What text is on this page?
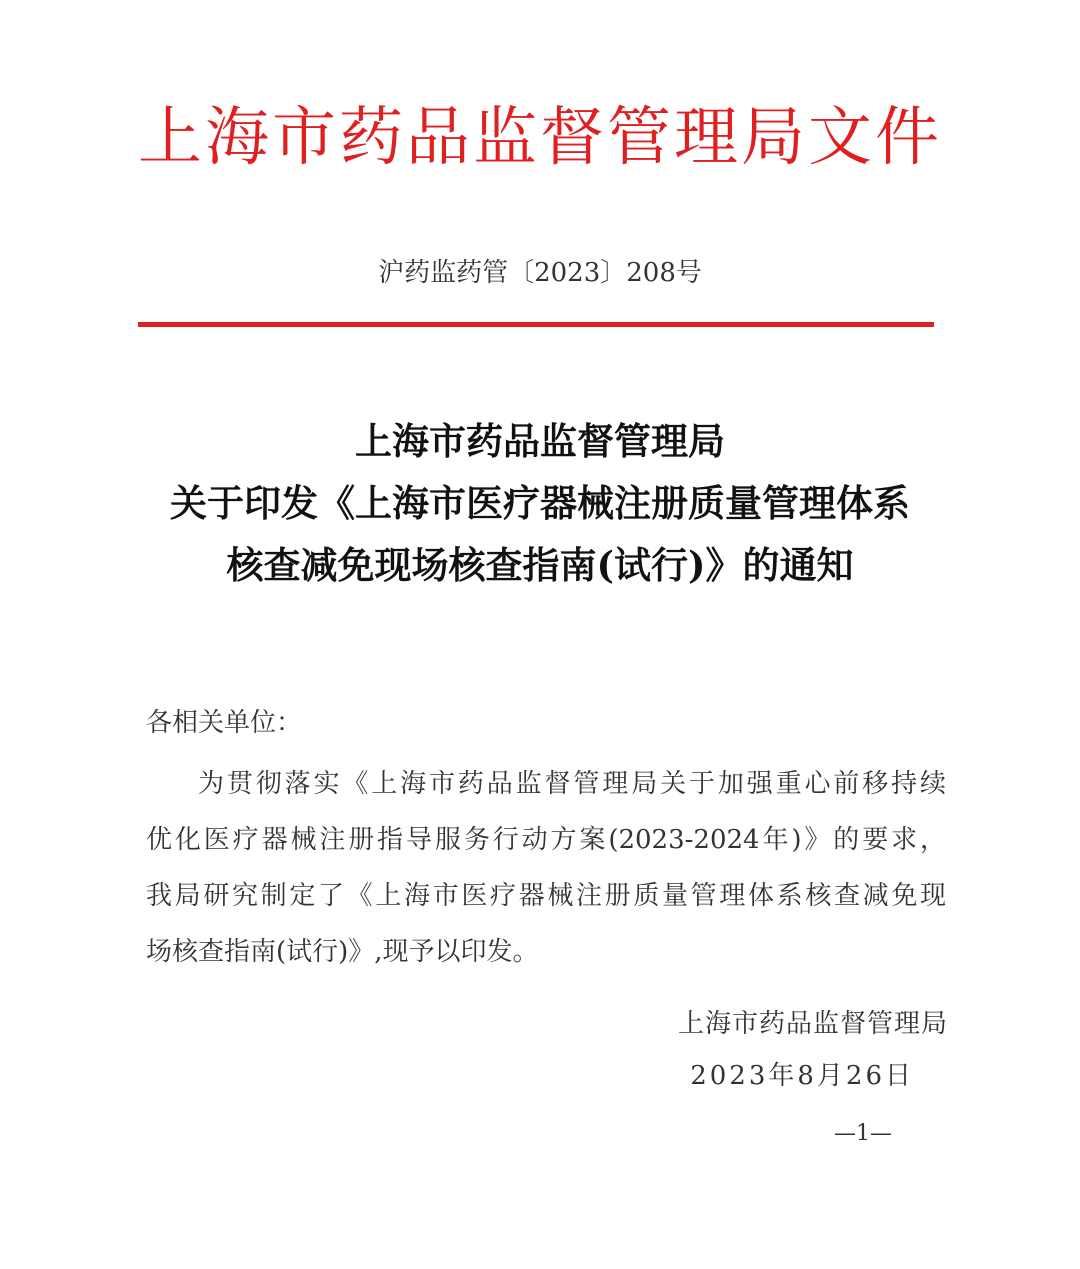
上海市药品监督管理局文件
沪药监药管〔2023〕208号
上海市药品监督管理局
关于印发《上海市医疗器械注册质量管理体系
核查减免现场核查指南(试行)》的通知
各相关单位：
为贯彻落实《上海市药品监督管理局关于加强重心前移持续
优化医疗器械注册指导服务行动方案(2023-2024年)》的要求，
我局研究制定了《上海市医疗器械注册质量管理体系核查减免现
场核查指南(试行)》,现予以印发。
上海市药品监督管理局
2023年8月26日
—1—
